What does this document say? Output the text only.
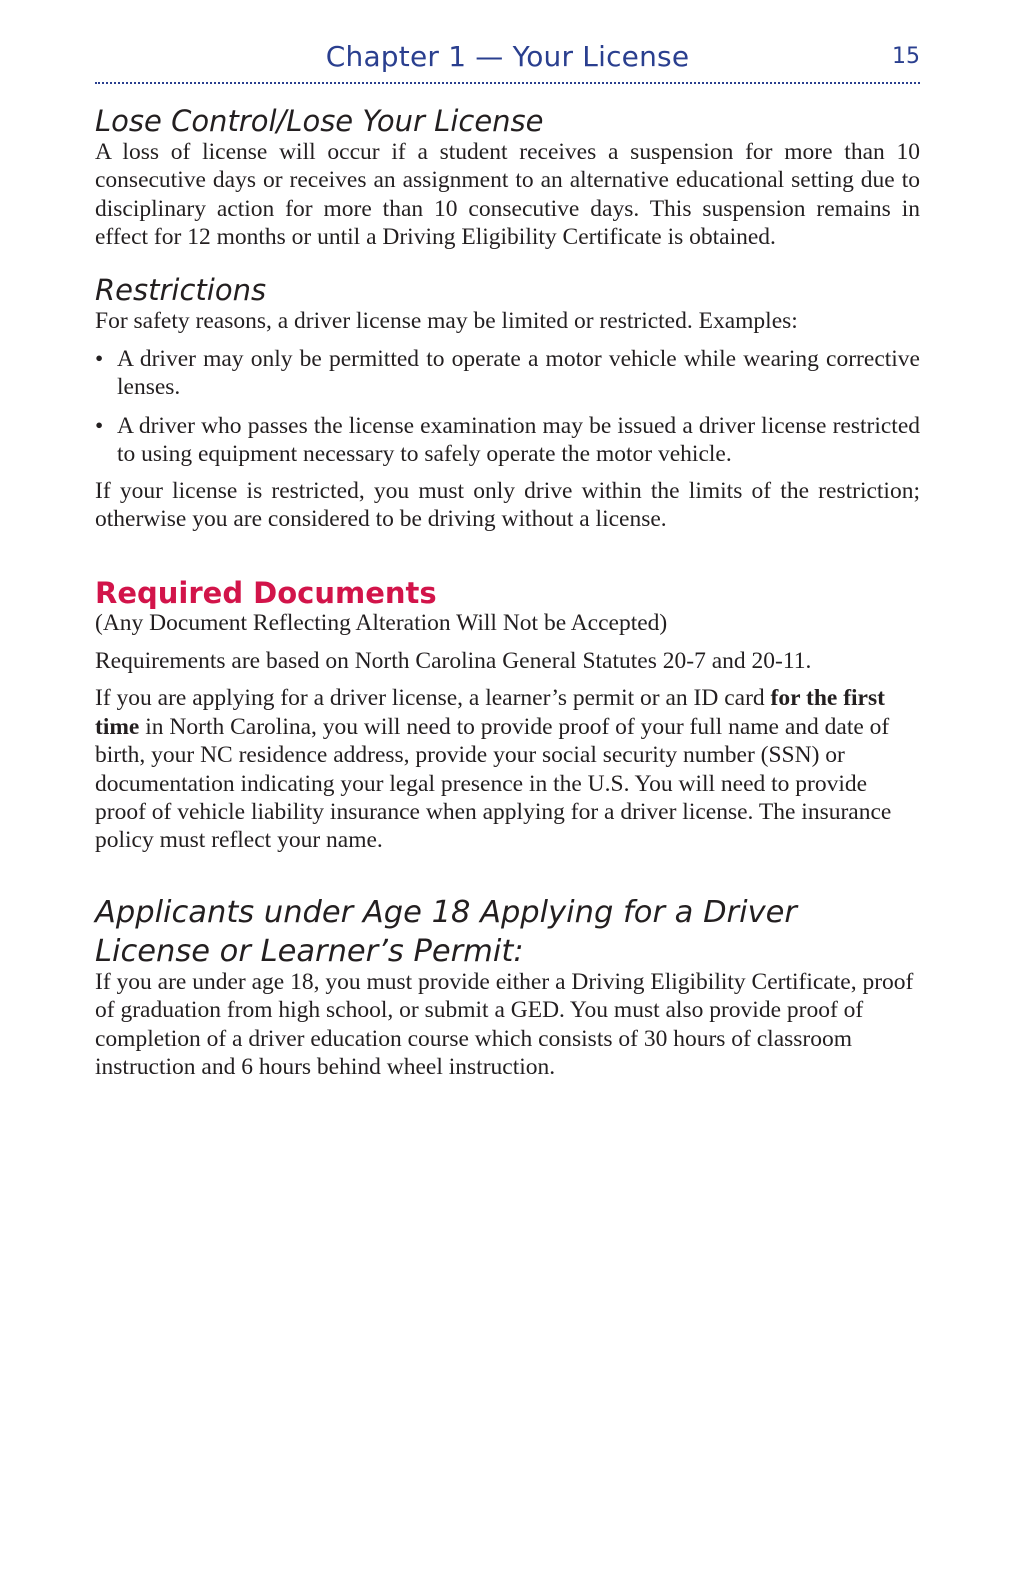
Chapter 1 — Your License	15
Lose Control/Lose Your License

A loss of license will occur if a student receives a suspension for more than 10 consecutive days or receives an assignment to an alternative educational setting due to disciplinary action for more than 10 consecutive days. This suspension remains in effect for 12 months or until a Driving Eligibility Certificate is obtained.

Restrictions

For safety reasons, a driver license may be limited or restricted. Examples:

• A driver may only be permitted to operate a motor vehicle while wearing corrective lenses.
• A driver who passes the license examination may be issued a driver license restricted to using equipment necessary to safely operate the motor vehicle.

If your license is restricted, you must only drive within the limits of the restriction; otherwise you are considered to be driving without a license.

Required Documents

(Any Document Reflecting Alteration Will Not be Accepted)

Requirements are based on North Carolina General Statutes 20-7 and 20-11.

If you are applying for a driver license, a learner’s permit or an ID card for the first time in North Carolina, you will need to provide proof of your full name and date of birth, your NC residence address, provide your social security number (SSN) or documentation indicating your legal presence in the U.S. You will need to provide proof of vehicle liability insurance when applying for a driver license. The insurance policy must reflect your name.

Applicants under Age 18 Applying for a Driver License or Learner’s Permit:

If you are under age 18, you must provide either a Driving Eligibility Certificate, proof of graduation from high school, or submit a GED. You must also provide proof of completion of a driver education course which consists of 30 hours of classroom instruction and 6 hours behind wheel instruction.
